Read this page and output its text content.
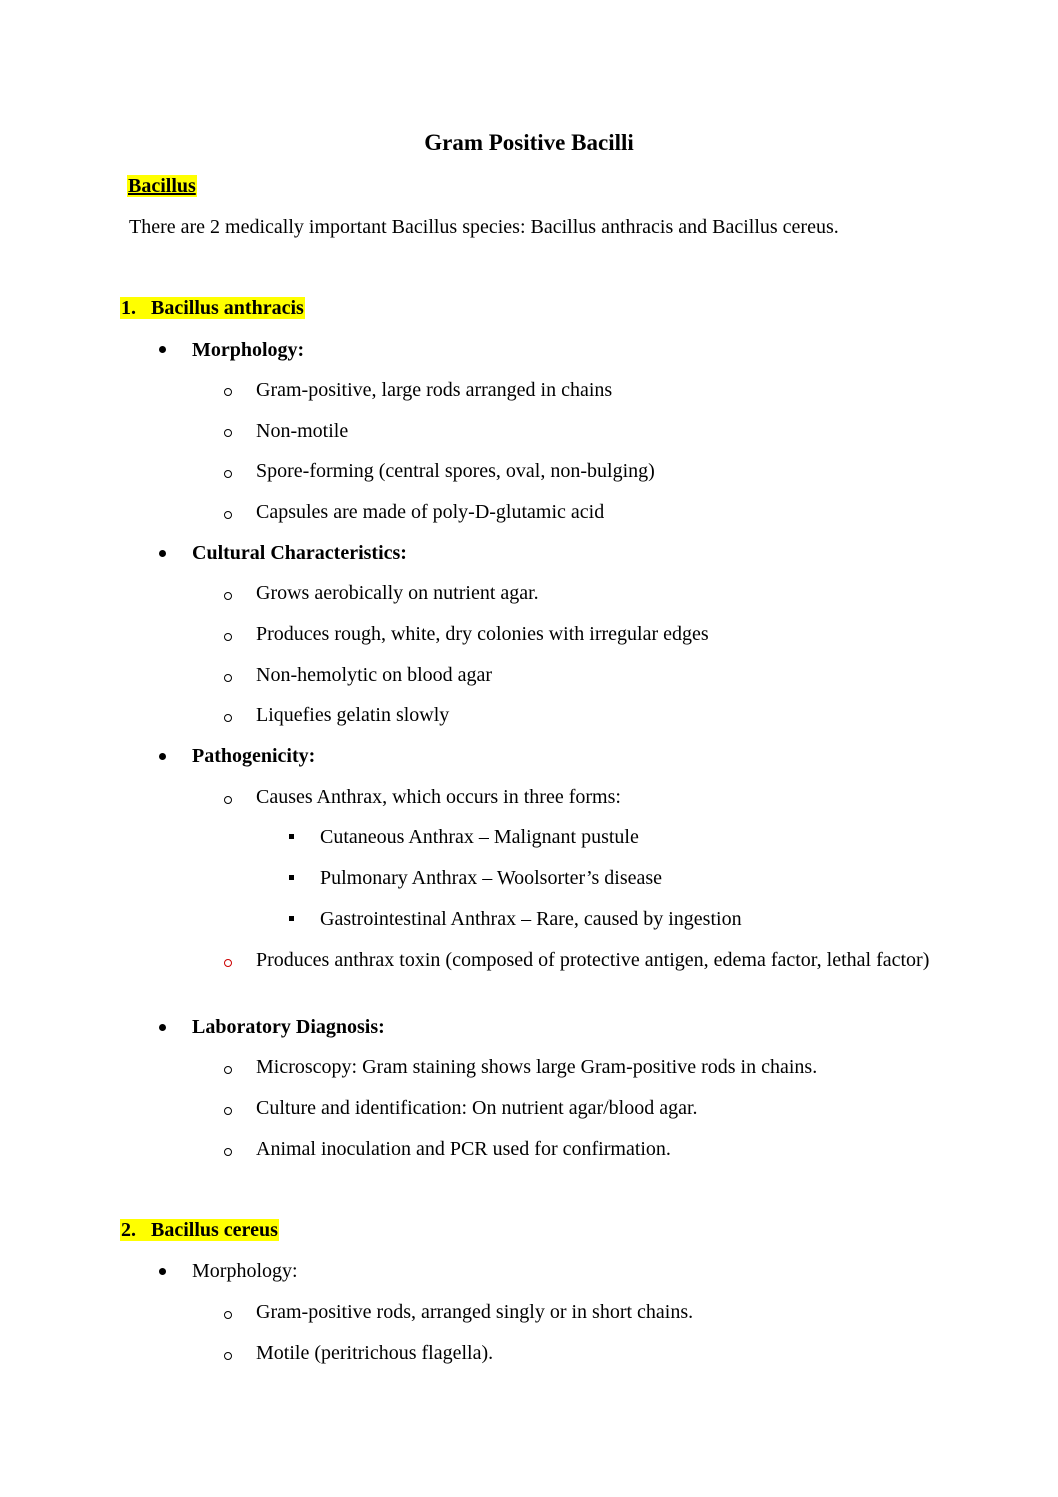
Gram Positive Bacilli
Bacillus
There are 2 medically important Bacillus species: Bacillus anthracis and Bacillus cereus.
1. Bacillus anthracis
Morphology:
Gram-positive, large rods arranged in chains
Non-motile
Spore-forming (central spores, oval, non-bulging)
Capsules are made of poly-D-glutamic acid
Cultural Characteristics:
Grows aerobically on nutrient agar.
Produces rough, white, dry colonies with irregular edges
Non-hemolytic on blood agar
Liquefies gelatin slowly
Pathogenicity:
Causes Anthrax, which occurs in three forms:
Cutaneous Anthrax – Malignant pustule
Pulmonary Anthrax – Woolsorter’s disease
Gastrointestinal Anthrax – Rare, caused by ingestion
Produces anthrax toxin (composed of protective antigen, edema factor, lethal factor)
Laboratory Diagnosis:
Microscopy: Gram staining shows large Gram-positive rods in chains.
Culture and identification: On nutrient agar/blood agar.
Animal inoculation and PCR used for confirmation.
2. Bacillus cereus
Morphology:
Gram-positive rods, arranged singly or in short chains.
Motile (peritrichous flagella).
